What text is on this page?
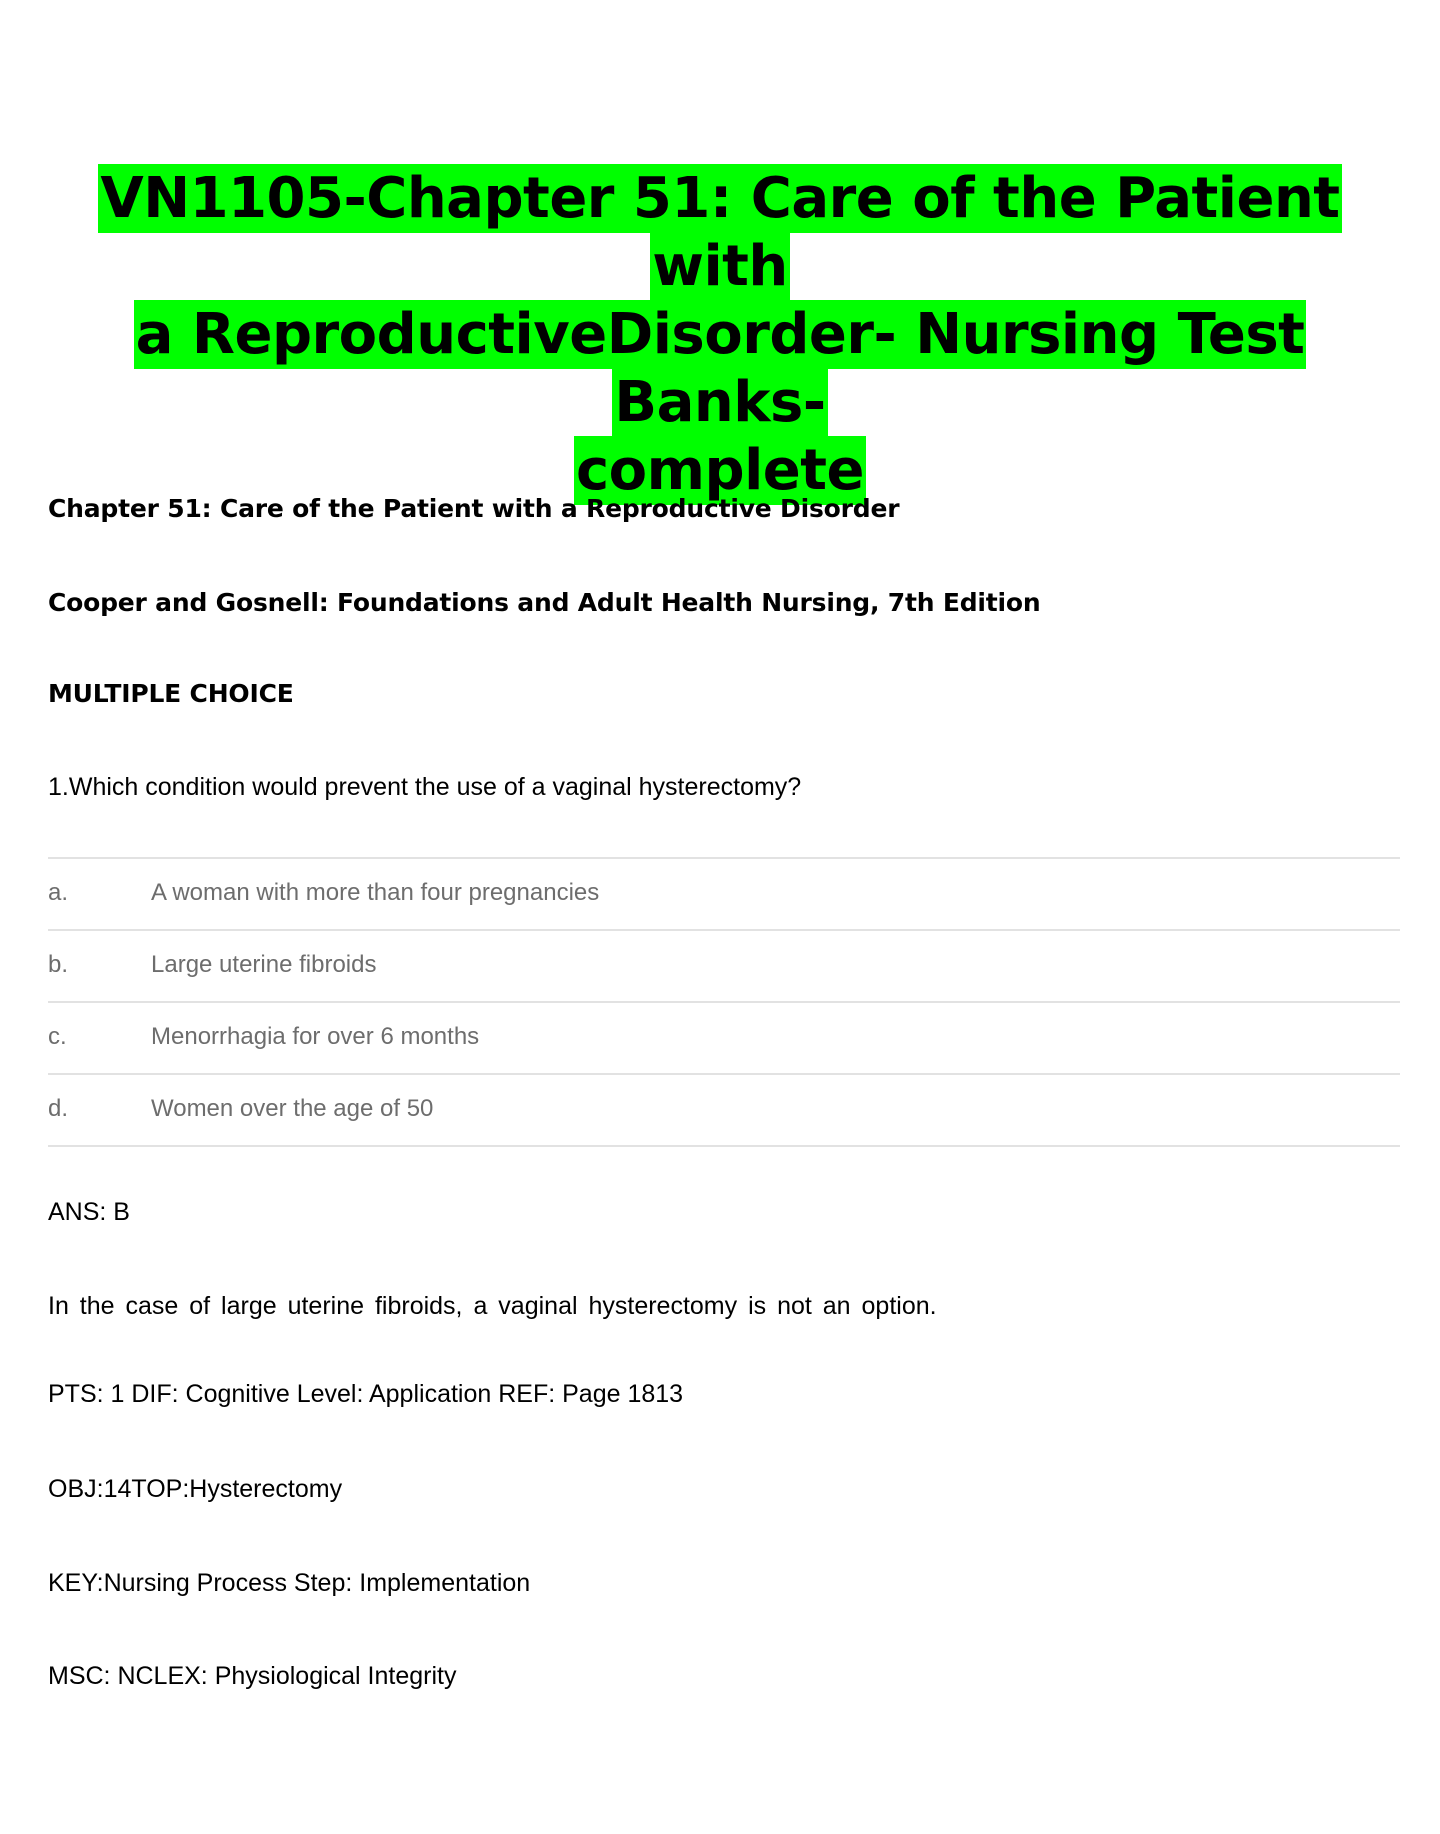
VN1105-Chapter 51: Care of the Patient with
a ReproductiveDisorder- Nursing Test Banks-
complete
Chapter 51: Care of the Patient with a Reproductive Disorder
Cooper and Gosnell: Foundations and Adult Health Nursing, 7th Edition
MULTIPLE CHOICE
1.Which condition would prevent the use of a vaginal hysterectomy?
a.	A woman with more than four pregnancies
b.	Large uterine fibroids
c.	Menorrhagia for over 6 months
d.	Women over the age of 50
ANS: B
In the case of large uterine fibroids, a vaginal hysterectomy is not an option.
PTS: 1 DIF: Cognitive Level: Application REF: Page 1813
OBJ:14TOP:Hysterectomy
KEY:Nursing Process Step: Implementation
MSC: NCLEX: Physiological Integrity
